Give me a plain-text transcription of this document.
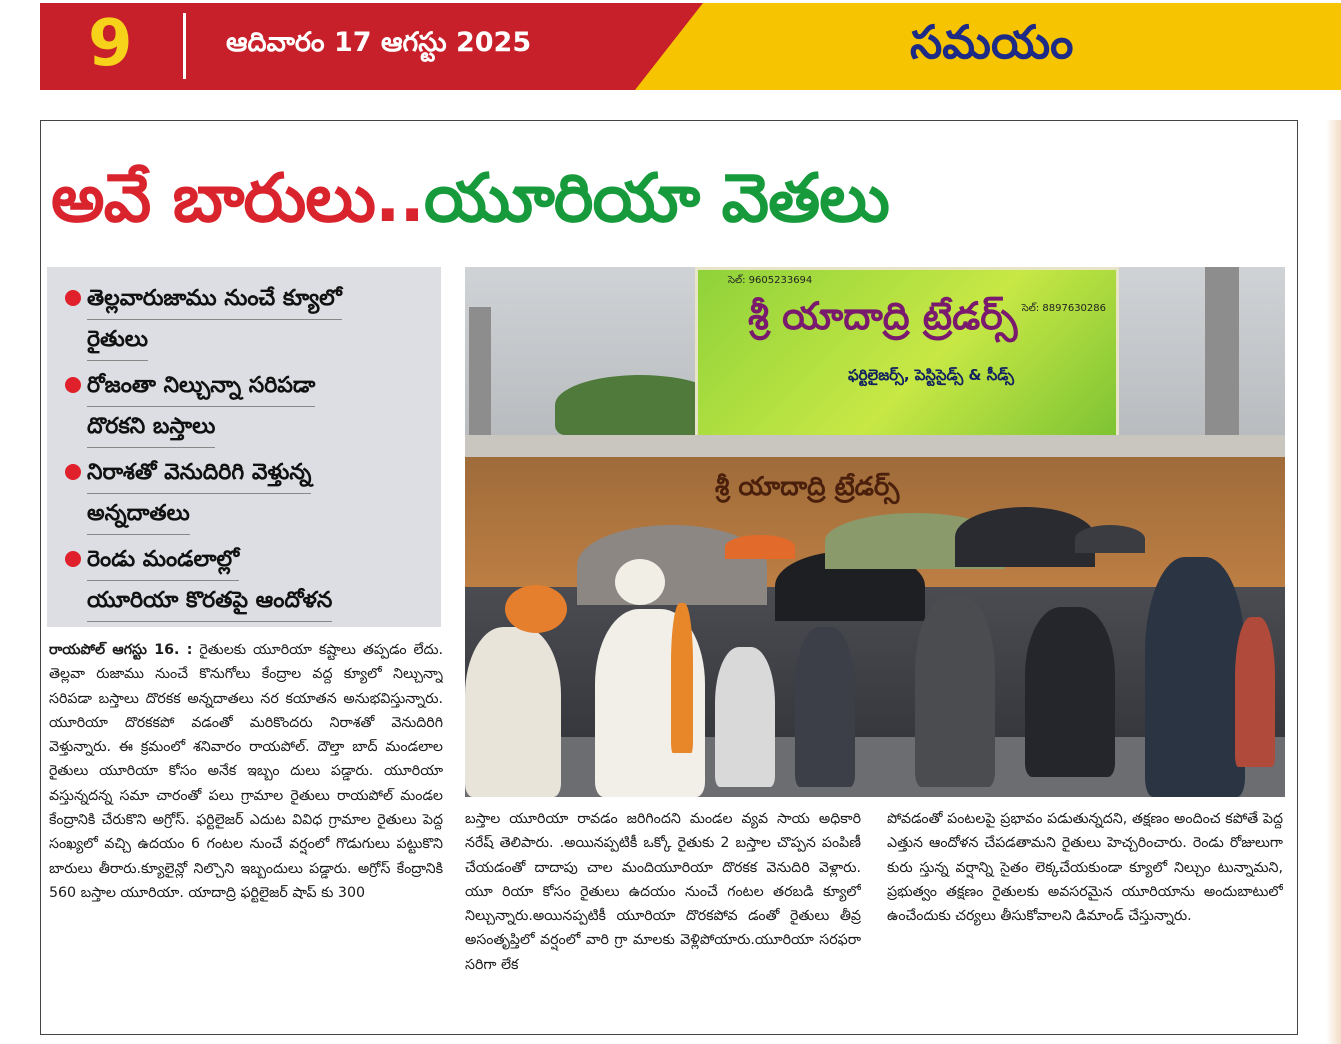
9	ఆదివారం 17 ఆగస్టు 2025	సమయం
అవే బారులు..యూరియా వెతలు
తెల్లవారుజాము నుంచే క్యూలో
రైతులు
రోజంతా నిల్చున్నా సరిపడా
దొరకని బస్తాలు
నిరాశతో వెనుదిరిగి వెళ్తున్న
అన్నదాతలు
రెండు మండలాల్లో
యూరియా కొరతపై ఆందోళన
సెల్: 9605233694
సెల్: 8897630286
శ్రీ యాదాద్రి ట్రేడర్స్
ఫర్టిలైజర్స్, పెస్టిసైడ్స్ & సీడ్స్
శ్రీ యాదాద్రి ట్రేడర్స్
రాయపోల్ ఆగస్టు 16. : రైతులకు యూరియా కష్టాలు తప్పడం లేదు. తెల్లవా రుజాము నుంచే కొనుగోలు కేంద్రాల వద్ద క్యూలో నిల్చున్నా సరిపడా బస్తాలు దొరకక అన్నదాతలు నర కయాతన అనుభవిస్తున్నారు. యూరియా దొరకకపో వడంతో మరికొందరు నిరాశతో వెనుదిరిగి వెళ్తున్నారు. ఈ క్రమంలో శనివారం రాయపోల్. దౌల్తా బాద్ మండలాల రైతులు యూరియా కోసం అనేక ఇబ్బం దులు పడ్డారు. యూరియా వస్తున్నదన్న సమా చారంతో పలు గ్రామాల రైతులు రాయపోల్ మండల కేంద్రానికి చేరుకొని అగ్రోస్. ఫర్టిలైజర్ ఎదుట వివిధ గ్రామాల రైతులు పెద్ద సంఖ్యలో వచ్చి ఉదయం 6 గంటల నుంచే వర్షంలో గొడుగులు పట్టుకొని బారులు తీరారు.క్యూలైన్లో నిల్చొని ఇబ్బందులు పడ్డారు. అగ్రోస్ కేంద్రానికి 560 బస్తాల యూరియా. యాదాద్రి ఫర్టిలైజర్ షాప్ కు 300
బస్తాల యూరియా రావడం జరిగిందని మండల వ్యవ సాయ అధికారి నరేష్ తెలిపారు. .అయినప్పటికీ ఒక్కో రైతుకు 2 బస్తాల చొప్పన పంపిణీ చేయడంతో దాదాపు చాల మందియూరియా దొరకక వెనుదిరి వెళ్లారు. యూ రియా కోసం రైతులు ఉదయం నుంచే గంటల తరబడి క్యూలో నిల్చున్నారు.అయినప్పటికీ యూరియా దొరకపోవ డంతో రైతులు తీవ్ర అసంతృప్తిలో వర్షంలో వారి గ్రా మాలకు వెళ్లిపోయారు.యూరియా సరఫరా సరిగా లేక
పోవడంతో పంటలపై ప్రభావం పడుతున్నదని, తక్షణం అందించ కపోతే పెద్ద ఎత్తున ఆందోళన చేపడతామని రైతులు హెచ్చరించారు. రెండు రోజులుగా కురు స్తున్న వర్షాన్ని సైతం లెక్కచేయకుండా క్యూలో నిల్చుం టున్నామని, ప్రభుత్వం తక్షణం రైతులకు అవసరమైన యూరియాను అందుబాటులో ఉంచేందుకు చర్యలు తీసుకోవాలని డిమాండ్ చేస్తున్నారు.
